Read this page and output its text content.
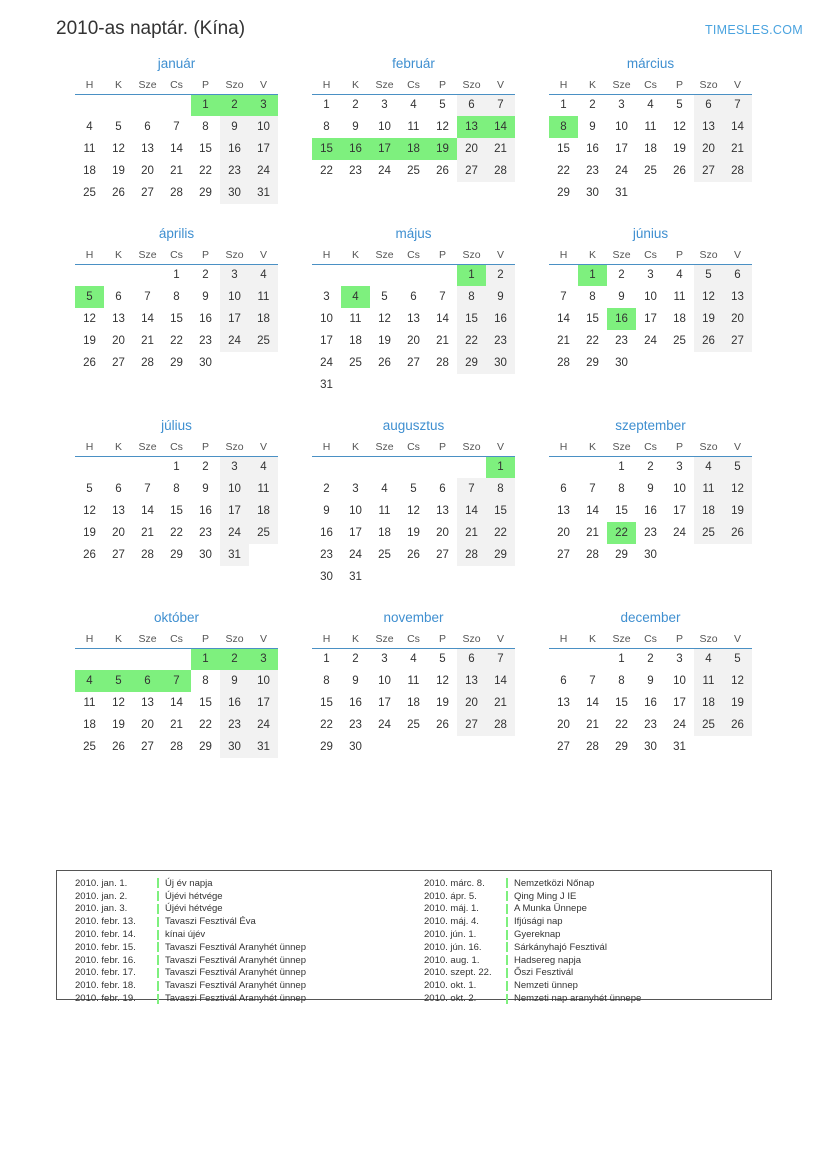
2010-as naptár. (Kína)	TIMESLES.COM
január
H	K	Sze	Cs	P	Szo	V
				1	2	3
4	5	6	7	8	9	10
11	12	13	14	15	16	17
18	19	20	21	22	23	24
25	26	27	28	29	30	31
február
H	K	Sze	Cs	P	Szo	V
1	2	3	4	5	6	7
8	9	10	11	12	13	14
15	16	17	18	19	20	21
22	23	24	25	26	27	28
március
H	K	Sze	Cs	P	Szo	V
1	2	3	4	5	6	7
8	9	10	11	12	13	14
15	16	17	18	19	20	21
22	23	24	25	26	27	28
29	30	31				
április
H	K	Sze	Cs	P	Szo	V
			1	2	3	4
5	6	7	8	9	10	11
12	13	14	15	16	17	18
19	20	21	22	23	24	25
26	27	28	29	30		
május
H	K	Sze	Cs	P	Szo	V
					1	2
3	4	5	6	7	8	9
10	11	12	13	14	15	16
17	18	19	20	21	22	23
24	25	26	27	28	29	30
31						
június
H	K	Sze	Cs	P	Szo	V
	1	2	3	4	5	6
7	8	9	10	11	12	13
14	15	16	17	18	19	20
21	22	23	24	25	26	27
28	29	30				
július
H	K	Sze	Cs	P	Szo	V
			1	2	3	4
5	6	7	8	9	10	11
12	13	14	15	16	17	18
19	20	21	22	23	24	25
26	27	28	29	30	31	
augusztus
H	K	Sze	Cs	P	Szo	V
						1
2	3	4	5	6	7	8
9	10	11	12	13	14	15
16	17	18	19	20	21	22
23	24	25	26	27	28	29
30	31					
szeptember
H	K	Sze	Cs	P	Szo	V
		1	2	3	4	5
6	7	8	9	10	11	12
13	14	15	16	17	18	19
20	21	22	23	24	25	26
27	28	29	30			
október
H	K	Sze	Cs	P	Szo	V
				1	2	3
4	5	6	7	8	9	10
11	12	13	14	15	16	17
18	19	20	21	22	23	24
25	26	27	28	29	30	31
november
H	K	Sze	Cs	P	Szo	V
1	2	3	4	5	6	7
8	9	10	11	12	13	14
15	16	17	18	19	20	21
22	23	24	25	26	27	28
29	30					
december
H	K	Sze	Cs	P	Szo	V
		1	2	3	4	5
6	7	8	9	10	11	12
13	14	15	16	17	18	19
20	21	22	23	24	25	26
27	28	29	30	31		
2010. jan. 1.	Új év napja
2010. jan. 2.	Újévi hétvége
2010. jan. 3.	Újévi hétvége
2010. febr. 13.	Tavaszi Fesztivál Éva
2010. febr. 14.	kínai újév
2010. febr. 15.	Tavaszi Fesztivál Aranyhét ünnep
2010. febr. 16.	Tavaszi Fesztivál Aranyhét ünnep
2010. febr. 17.	Tavaszi Fesztivál Aranyhét ünnep
2010. febr. 18.	Tavaszi Fesztivál Aranyhét ünnep
2010. febr. 19.	Tavaszi Fesztivál Aranyhét ünnep
2010. márc. 8.	Nemzetközi Nőnap
2010. ápr. 5.	Qing Ming J IE
2010. máj. 1.	A Munka Ünnepe
2010. máj. 4.	Ifjúsági nap
2010. jún. 1.	Gyereknap
2010. jún. 16.	Sárkányhajó Fesztivál
2010. aug. 1.	Hadsereg napja
2010. szept. 22.	Őszi Fesztivál
2010. okt. 1.	Nemzeti ünnep
2010. okt. 2.	Nemzeti nap aranyhét ünnepe
